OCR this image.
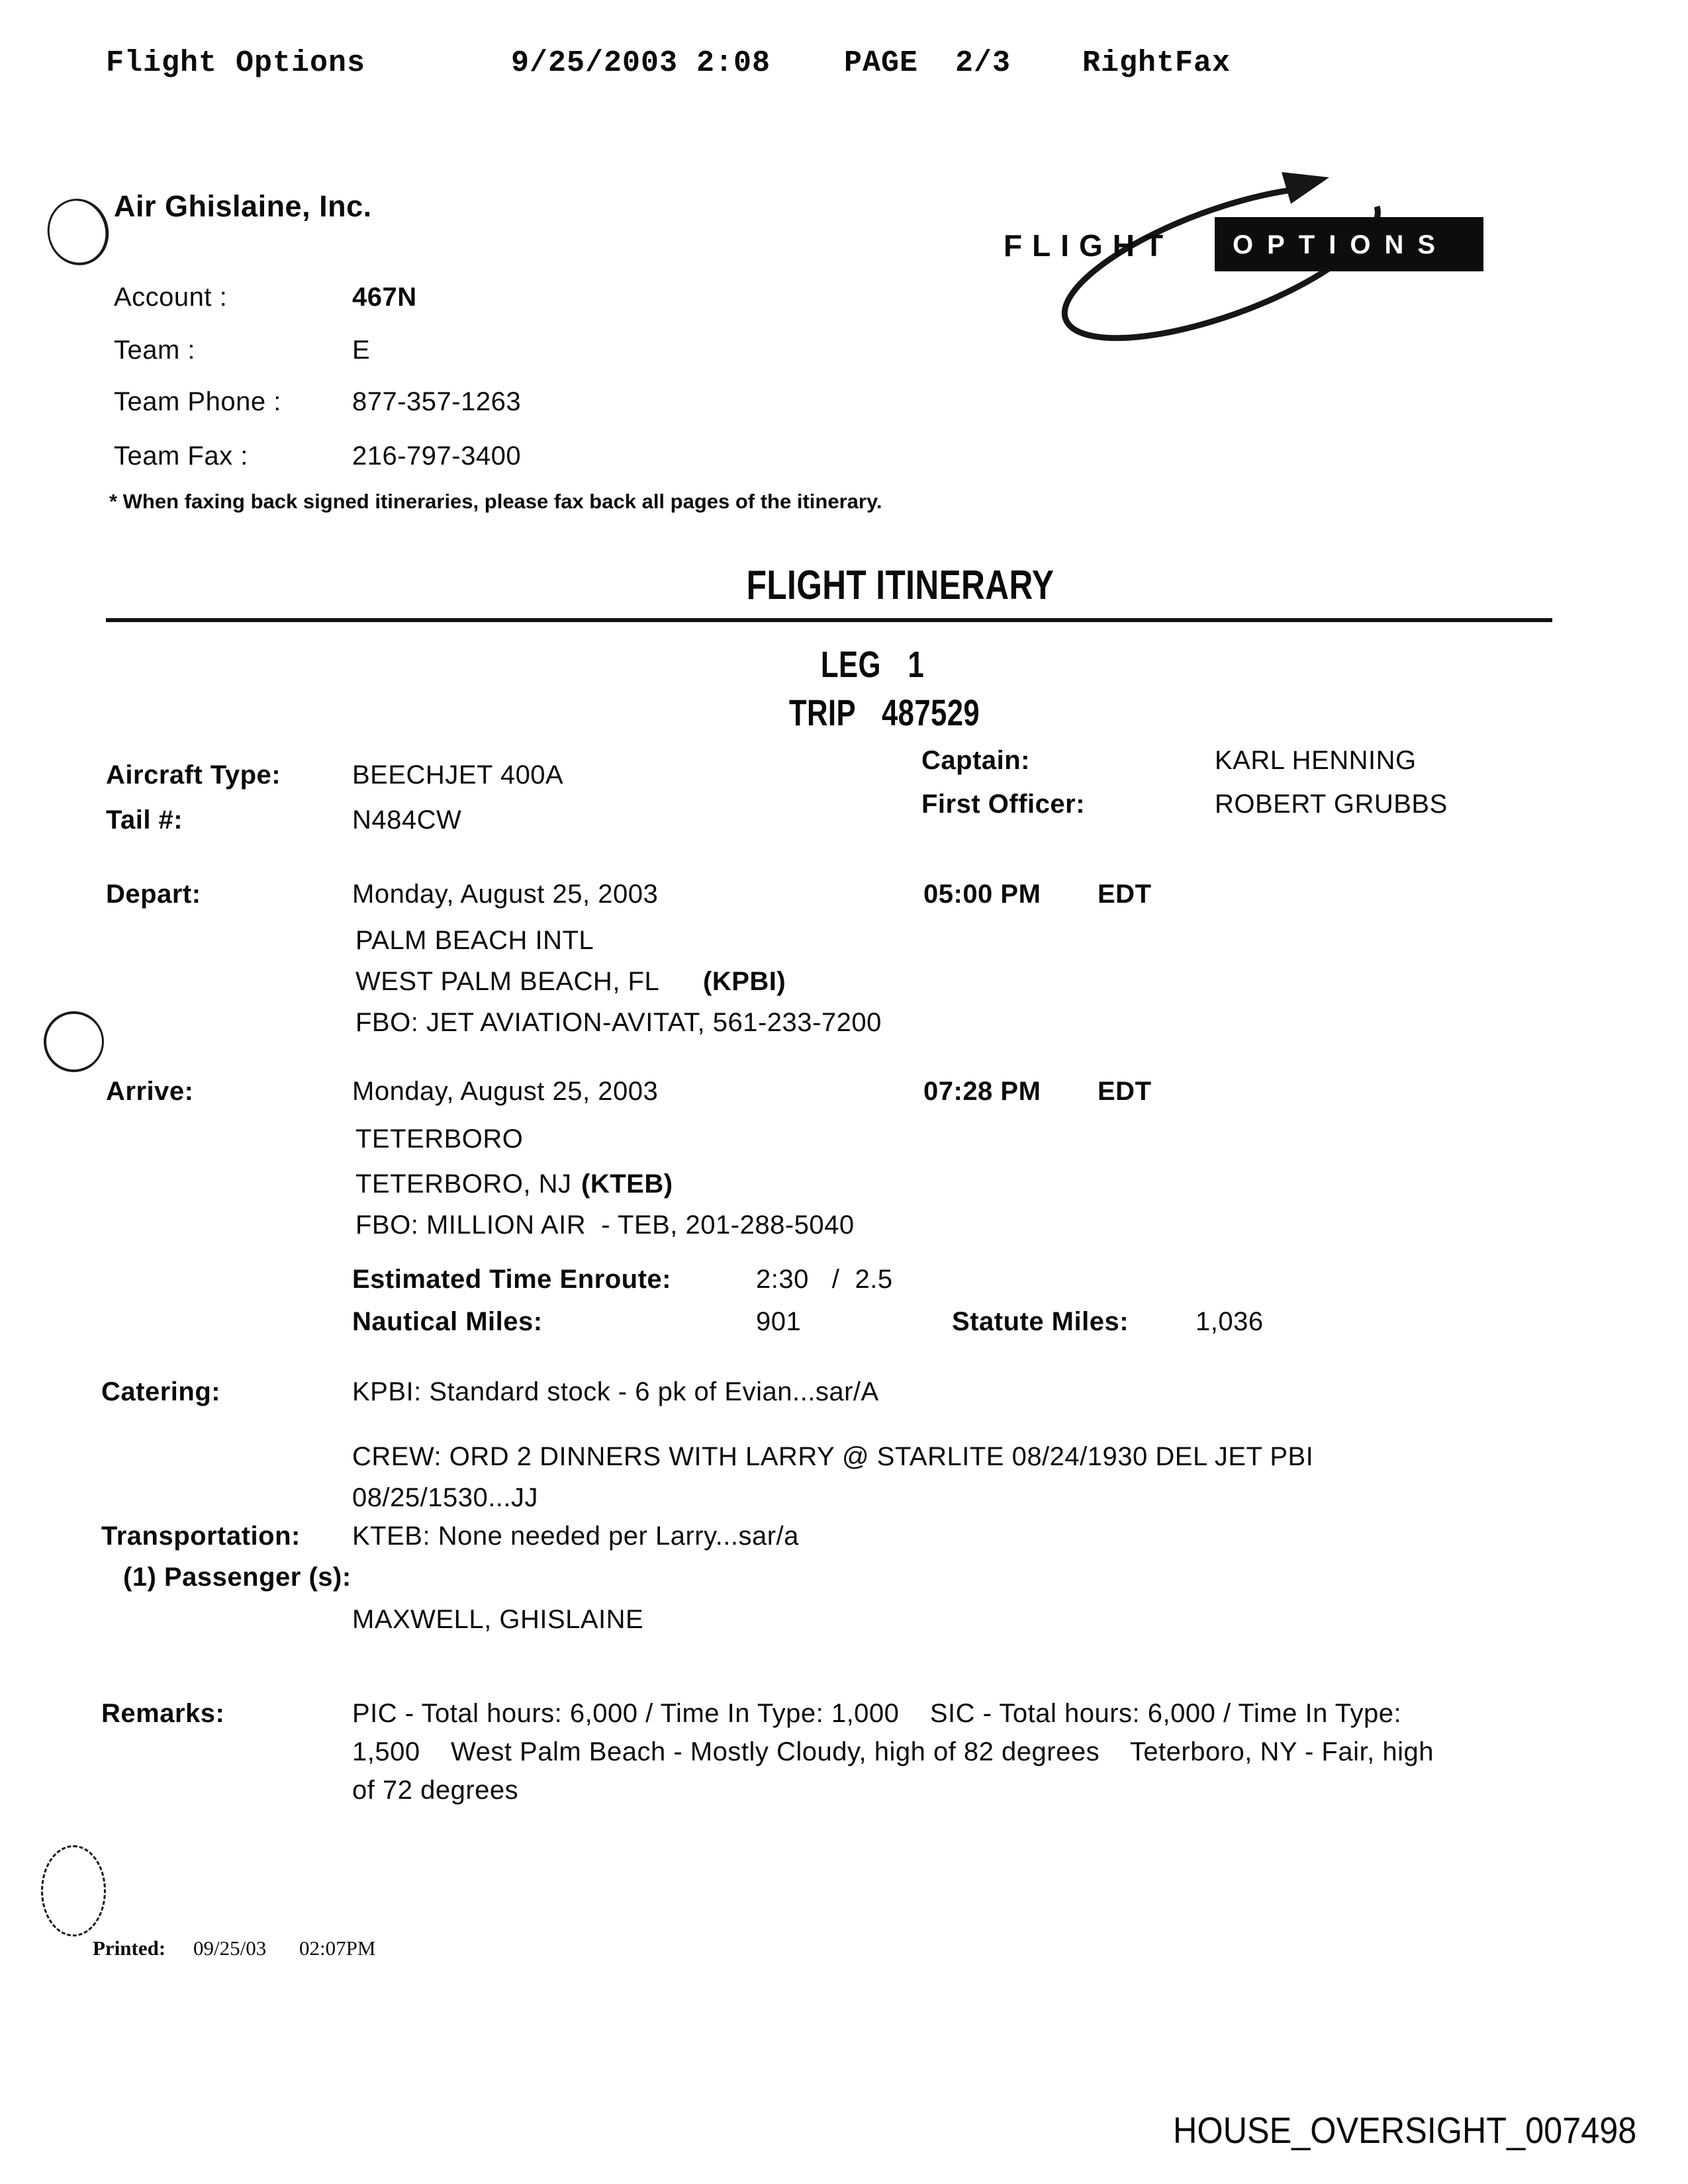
Flight Options	9/25/2003 2:08 PAGE  2/3 RightFax
Air Ghislaine, Inc.
Account :	467N
Team :	E
Team Phone :	877-357-1263
Team Fax :	216-797-3400
* When faxing back signed itineraries, please fax back all pages of the itinerary.
FLIGHT OPTIONS
FLIGHT ITINERARY
LEG 1
TRIP 487529
Aircraft Type:	BEECHJET 400A
Tail #:	N484CW
Captain:	KARL HENNING
First Officer:	ROBERT GRUBBS
Depart:	Monday, August 25, 2003	05:00 PM EDT
PALM BEACH INTL
WEST PALM BEACH, FL (KPBI)
FBO: JET AVIATION-AVITAT, 561-233-7200
Arrive:	Monday, August 25, 2003	07:28 PM EDT
TETERBORO
TETERBORO, NJ (KTEB)
FBO: MILLION AIR  - TEB, 201-288-5040
Estimated Time Enroute:	2:30   /  2.5
Nautical Miles:	901	Statute Miles:	1,036
Catering:	KPBI: Standard stock - 6 pk of Evian...sar/A
CREW: ORD 2 DINNERS WITH LARRY @ STARLITE 08/24/1930 DEL JET PBI
08/25/1530...JJ
Transportation: KTEB: None needed per Larry...sar/a
(1) Passenger (s):
MAXWELL, GHISLAINE
Remarks:	PIC - Total hours: 6,000 / Time In Type: 1,000    SIC - Total hours: 6,000 / Time In Type:
1,500    West Palm Beach - Mostly Cloudy, high of 82 degrees    Teterboro, NY - Fair, high
of 72 degrees
Printed: 09/25/03 02:07PM
HOUSE_OVERSIGHT_007498
